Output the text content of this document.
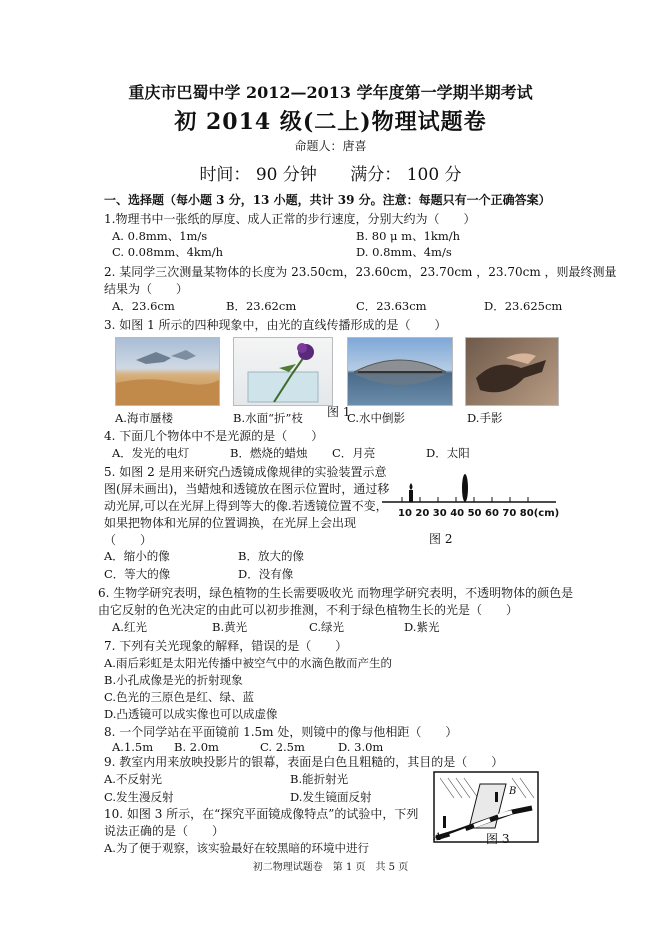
重庆市巴蜀中学 2012—2013 学年度第一学期半期考试
初 2014 级(二上)物理试题卷
命题人：唐喜
时间： 90 分钟 满分： 100 分
一、选择题（每小题 3 分，13 小题，共计 39 分。注意：每题只有一个正确答案）
1.物理书中一张纸的厚度、成人正常的步行速度，分别大约为（　　）
A. 0.8mm、1m/s	B. 80 μ m、1km/h
C. 0.08mm、4km/h	D. 0.8mm、4m/s
2. 某同学三次测量某物体的长度为 23.50cm，23.60cm，23.70cm ，23.70cm ，则最终测量
结果为（　　）
A．23.6cm	B．23.62cm	C．23.63cm	D．23.625cm
3. 如图 1 所示的四种现象中，由光的直线传播形成的是（　　）
A.海市蜃楼	B.水面“折”枝 图 1
C.水中倒影	D.手影
4. 下面几个物体中不是光源的是（　　）
A．发光的电灯	B．燃烧的蜡烛 C．月亮	D．太阳
5. 如图 2 是用来研究凸透镜成像规律的实验装置示意
图(屏未画出)，当蜡烛和透镜放在图示位置时，通过移
动光屏,可以在光屏上得到等大的像.若透镜位置不变，
如果把物体和光屏的位置调换，在光屏上会出现
（　　）
10 20 30 40 50 60 70 80(cm)
图 2
A．缩小的像	B．放大的像
C．等大的像	D．没有像
6. 生物学研究表明，绿色植物的生长需要吸收光 而物理学研究表明，不透明物体的颜色是
由它反射的色光决定的由此可以初步推测，不利于绿色植物生长的光是（　　）
A.红光	B.黄光	C.绿光	D.紫光
7. 下列有关光现象的解释，错误的是（　　）
A.雨后彩虹是太阳光传播中被空气中的水滴色散而产生的
B.小孔成像是光的折射现象
C.色光的三原色是红、绿、蓝
D.凸透镜可以成实像也可以成虚像
8. 一个同学站在平面镜前 1.5m 处，则镜中的像与他相距（　　）
A.1.5m B. 2.0m	C. 2.5m	D. 3.0m
9. 教室内用来放映投影片的银幕，表面是白色且粗糙的，其目的是（　　）
A.不反射光	B.能折射光
C.发生漫反射	D.发生镜面反射
10. 如图 3 所示，在“探究平面镜成像特点”的试验中，下列
说法正确的是（　　）
A.为了便于观察，该实验最好在较黑暗的环境中进行
A
B
图 3
初二物理试题卷　第 1 页　共 5 页
